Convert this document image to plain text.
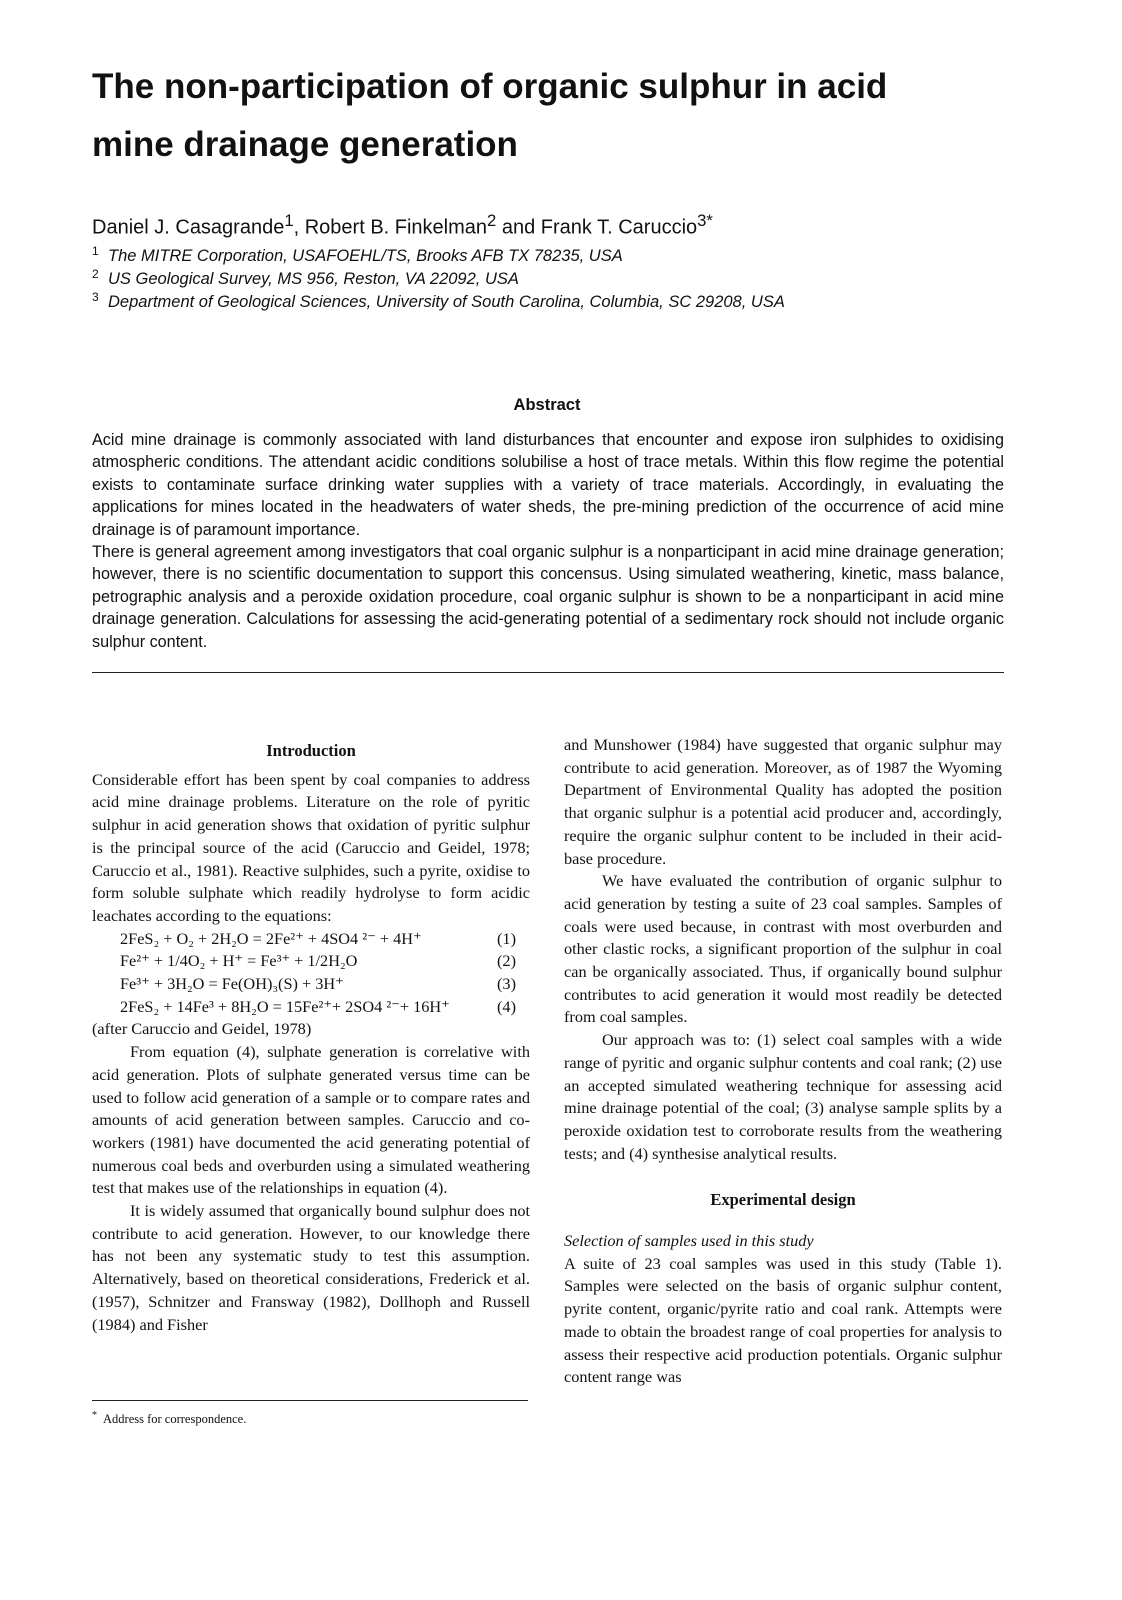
The non-participation of organic sulphur in acid
mine drainage generation
Daniel J. Casagrande$^1$, Robert B. Finkelman$^2$ and Frank T. Caruccio$^{3*}$
1 The MITRE Corporation, USAFOEHL/TS, Brooks AFB TX 78235, USA
2 US Geological Survey, MS 956, Reston, VA 22092, USA
3 Department of Geological Sciences, University of South Carolina, Columbia, SC 29208, USA
Abstract

Acid mine drainage is commonly associated with land disturbances that encounter and expose iron sulphides to oxidising atmospheric conditions. The attendant acidic conditions solubilise a host of trace metals. Within this flow regime the potential exists to contaminate surface drinking water supplies with a variety of trace materials. Accordingly, in evaluating the applications for mines located in the headwaters of water sheds, the pre-mining prediction of the occurrence of acid mine drainage is of paramount importance.

There is general agreement among investigators that coal organic sulphur is a nonparticipant in acid mine drainage generation; however, there is no scientific documentation to support this concensus. Using simulated weathering, kinetic, mass balance, petrographic analysis and a peroxide oxidation procedure, coal organic sulphur is shown to be a nonparticipant in acid mine drainage generation. Calculations for assessing the acid-generating potential of a sedimentary rock should not include organic sulphur content.

Introduction

Considerable effort has been spent by coal companies to address acid mine drainage problems. Literature on the role of pyritic sulphur in acid generation shows that oxidation of pyritic sulphur is the principal source of the acid (Caruccio and Geidel, 1978; Caruccio et al., 1981). Reactive sulphides, such a pyrite, oxidise to form soluble sulphate which readily hydrolyse to form acidic leachates according to the equations:

2FeS₂ + O₂ + 2H₂O = 2Fe²⁺ + 4SO4 ²⁻ + 4H⁺	(1)
Fe²⁺ + 1/4O₂ + H⁺ = Fe³⁺ + 1/2H₂O	(2)
Fe³⁺ + 3H₂O = Fe(OH)₃(S) + 3H⁺	(3)
2FeS₂ + 14Fe³ + 8H₂O = 15Fe²⁺+ 2SO4 ²⁻+ 16H⁺	(4)

(after Caruccio and Geidel, 1978)

From equation (4), sulphate generation is correlative with acid generation. Plots of sulphate generated versus time can be used to follow acid generation of a sample or to compare rates and amounts of acid generation between samples. Caruccio and co-workers (1981) have documented the acid generating potential of numerous coal beds and overburden using a simulated weathering test that makes use of the relationships in equation (4).

It is widely assumed that organically bound sulphur does not contribute to acid generation. However, to our knowledge there has not been any systematic study to test this assumption. Alternatively, based on theoretical considerations, Frederick et al. (1957), Schnitzer and Fransway (1982), Dollhoph and Russell (1984) and Fisher

and Munshower (1984) have suggested that organic sulphur may contribute to acid generation. Moreover, as of 1987 the Wyoming Department of Environmental Quality has adopted the position that organic sulphur is a potential acid producer and, accordingly, require the organic sulphur content to be included in their acid-base procedure.

We have evaluated the contribution of organic sulphur to acid generation by testing a suite of 23 coal samples. Samples of coals were used because, in contrast with most overburden and other clastic rocks, a significant proportion of the sulphur in coal can be organically associated. Thus, if organically bound sulphur contributes to acid generation it would most readily be detected from coal samples.

Our approach was to: (1) select coal samples with a wide range of pyritic and organic sulphur contents and coal rank; (2) use an accepted simulated weathering technique for assessing acid mine drainage potential of the coal; (3) analyse sample splits by a peroxide oxidation test to corroborate results from the weathering tests; and (4) synthesise analytical results.

Experimental design

Selection of samples used in this study

A suite of 23 coal samples was used in this study (Table 1). Samples were selected on the basis of organic sulphur content, pyrite content, organic/pyrite ratio and coal rank. Attempts were made to obtain the broadest range of coal properties for analysis to assess their respective acid production potentials. Organic sulphur content range was

* Address for correspondence.
